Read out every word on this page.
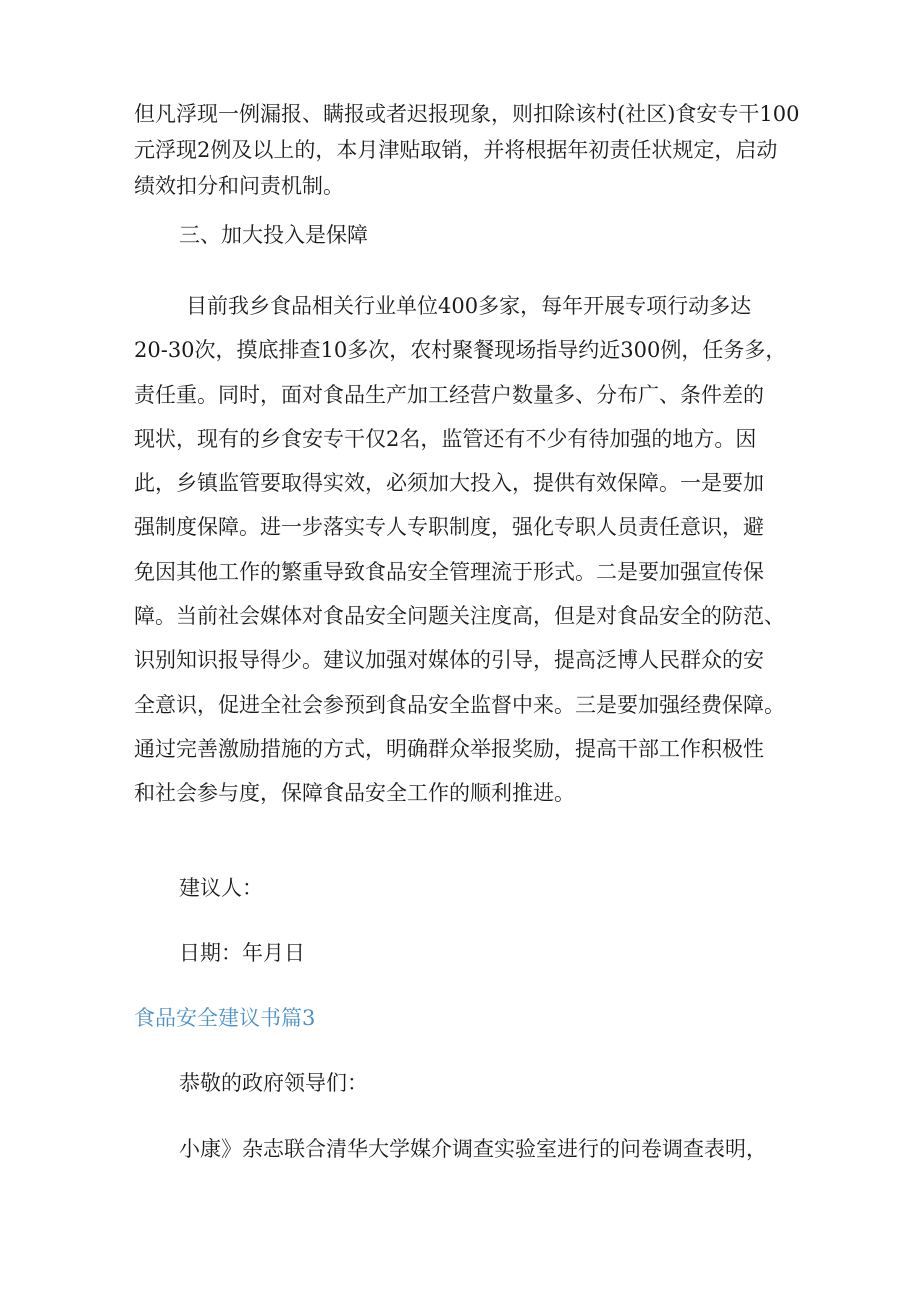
但凡浮现一例漏报、瞒报或者迟报现象，则扣除该村(社区)食安专干100
元浮现2例及以上的，本月津贴取销，并将根据年初责任状规定，启动
绩效扣分和问责机制。
三、加大投入是保障
目前我乡食品相关行业单位400多家，每年开展专项行动多达
20-30次，摸底排查10多次，农村聚餐现场指导约近300例，任务多，
责任重。同时，面对食品生产加工经营户数量多、分布广、条件差的
现状，现有的乡食安专干仅2名，监管还有不少有待加强的地方。因
此，乡镇监管要取得实效，必须加大投入，提供有效保障。一是要加
强制度保障。进一步落实专人专职制度，强化专职人员责任意识，避
免因其他工作的繁重导致食品安全管理流于形式。二是要加强宣传保
障。当前社会媒体对食品安全问题关注度高，但是对食品安全的防范、
识别知识报导得少。建议加强对媒体的引导，提高泛博人民群众的安
全意识，促进全社会参预到食品安全监督中来。三是要加强经费保障。
通过完善激励措施的方式，明确群众举报奖励，提高干部工作积极性
和社会参与度，保障食品安全工作的顺利推进。
建议人：
日期：年月日
食品安全建议书篇3
恭敬的政府领导们：
小康》杂志联合清华大学媒介调查实验室进行的问卷调查表明，
